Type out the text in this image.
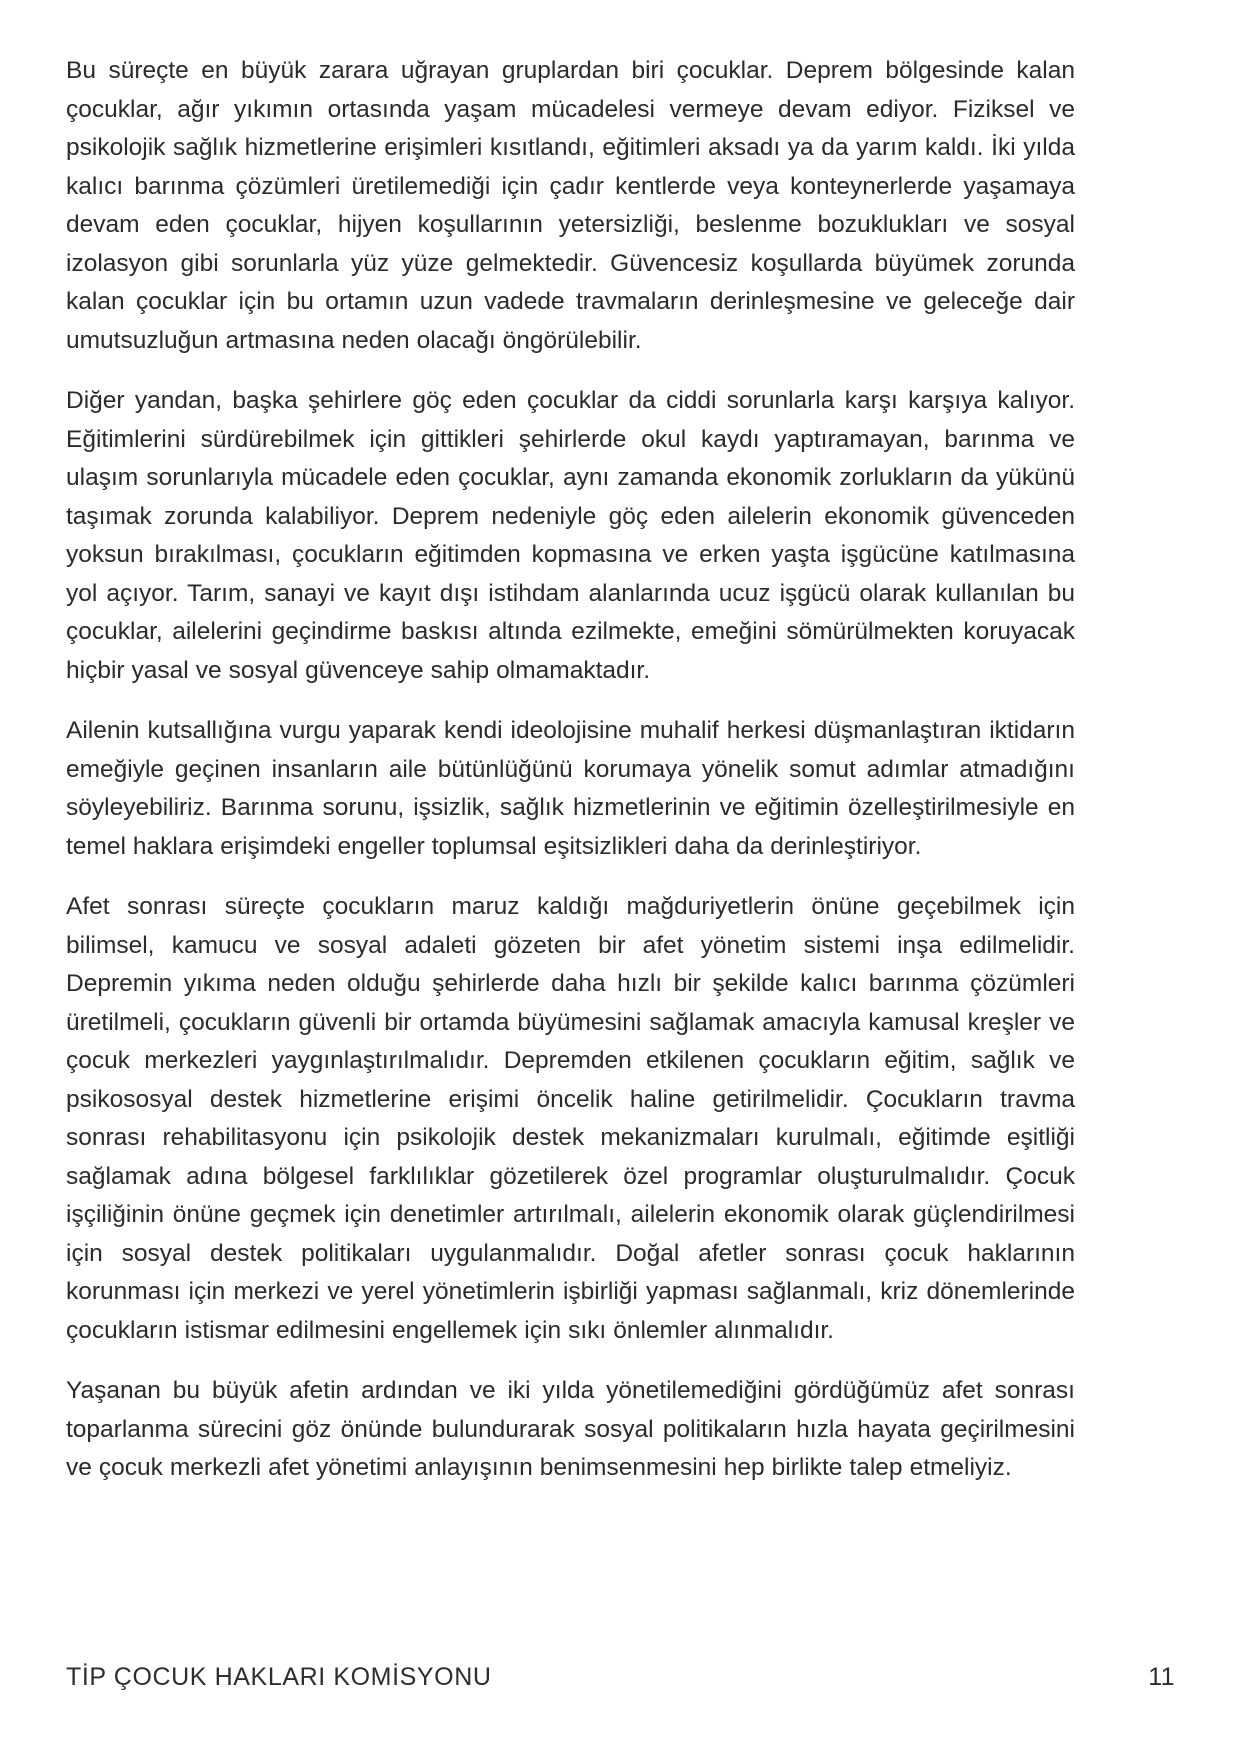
Bu süreçte en büyük zarara uğrayan gruplardan biri çocuklar. Deprem bölgesinde kalan çocuklar, ağır yıkımın ortasında yaşam mücadelesi vermeye devam ediyor. Fiziksel ve psikolojik sağlık hizmetlerine erişimleri kısıtlandı, eğitimleri aksadı ya da yarım kaldı. İki yılda kalıcı barınma çözümleri üretilemediği için çadır kentlerde veya konteynerlerde yaşamaya devam eden çocuklar, hijyen koşullarının yetersizliği, beslenme bozuklukları ve sosyal izolasyon gibi sorunlarla yüz yüze gelmektedir. Güvencesiz koşullarda büyümek zorunda kalan çocuklar için bu ortamın uzun vadede travmaların derinleşmesine ve geleceğe dair umutsuzluğun artmasına neden olacağı öngörülebilir.

Diğer yandan, başka şehirlere göç eden çocuklar da ciddi sorunlarla karşı karşıya kalıyor. Eğitimlerini sürdürebilmek için gittikleri şehirlerde okul kaydı yaptıramayan, barınma ve ulaşım sorunlarıyla mücadele eden çocuklar, aynı zamanda ekonomik zorlukların da yükünü taşımak zorunda kalabiliyor. Deprem nedeniyle göç eden ailelerin ekonomik güvenceden yoksun bırakılması, çocukların eğitimden kopmasına ve erken yaşta işgücüne katılmasına yol açıyor. Tarım, sanayi ve kayıt dışı istihdam alanlarında ucuz işgücü olarak kullanılan bu çocuklar, ailelerini geçindirme baskısı altında ezilmekte, emeğini sömürülmekten koruyacak hiçbir yasal ve sosyal güvenceye sahip olmamaktadır.

Ailenin kutsallığına vurgu yaparak kendi ideolojisine muhalif herkesi düşmanlaştıran iktidarın emeğiyle geçinen insanların aile bütünlüğünü korumaya yönelik somut adımlar atmadığını söyleyebiliriz. Barınma sorunu, işsizlik, sağlık hizmetlerinin ve eğitimin özelleştirilmesiyle en temel haklara erişimdeki engeller toplumsal eşitsizlikleri daha da derinleştiriyor.

Afet sonrası süreçte çocukların maruz kaldığı mağduriyetlerin önüne geçebilmek için bilimsel, kamucu ve sosyal adaleti gözeten bir afet yönetim sistemi inşa edilmelidir. Depremin yıkıma neden olduğu şehirlerde daha hızlı bir şekilde kalıcı barınma çözümleri üretilmeli, çocukların güvenli bir ortamda büyümesini sağlamak amacıyla kamusal kreşler ve çocuk merkezleri yaygınlaştırılmalıdır. Depremden etkilenen çocukların eğitim, sağlık ve psikososyal destek hizmetlerine erişimi öncelik haline getirilmelidir. Çocukların travma sonrası rehabilitasyonu için psikolojik destek mekanizmaları kurulmalı, eğitimde eşitliği sağlamak adına bölgesel farklılıklar gözetilerek özel programlar oluşturulmalıdır. Çocuk işçiliğinin önüne geçmek için denetimler artırılmalı, ailelerin ekonomik olarak güçlendirilmesi için sosyal destek politikaları uygulanmalıdır. Doğal afetler sonrası çocuk haklarının korunması için merkezi ve yerel yönetimlerin işbirliği yapması sağlanmalı, kriz dönemlerinde çocukların istismar edilmesini engellemek için sıkı önlemler alınmalıdır.

Yaşanan bu büyük afetin ardından ve iki yılda yönetilemediğini gördüğümüz afet sonrası toparlanma sürecini göz önünde bulundurarak sosyal politikaların hızla hayata geçirilmesini ve çocuk merkezli afet yönetimi anlayışının benimsenmesini hep birlikte talep etmeliyiz.

TİP ÇOCUK HAKLARI KOMİSYONU	11
